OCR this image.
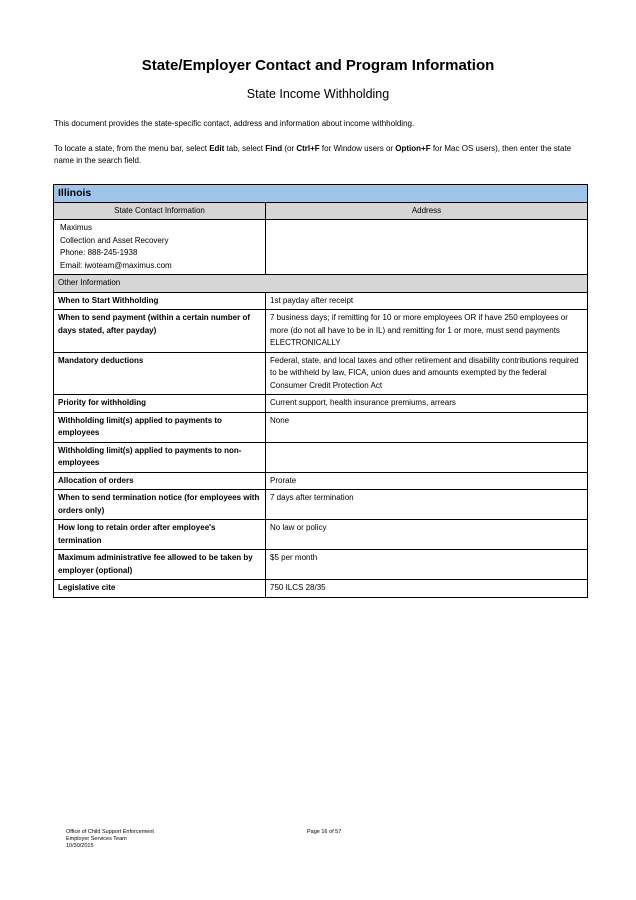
State/Employer Contact and Program Information
State Income Withholding
This document provides the state-specific contact, address and information about income withholding.
To locate a state, from the menu bar, select Edit tab, select Find (or Ctrl+F for Window users or Option+F for Mac OS users), then enter the state name in the search field.
Illinois	
State Contact Information	Address

Maximus
Collection and Asset Recovery
Phone: 888-245-1938
Email: iwoteam@maximus.com	

Other Information	
When to Start Withholding	1st payday after receipt
When to send payment (within a certain number of days stated, after payday)	7 business days; if remitting for 10 or more employees OR if have 250 employees or more (do not all have to be in IL) and remitting for 1 or more, must send payments ELECTRONICALLY
Mandatory deductions	Federal, state, and local taxes and other retirement and disability contributions required to be withheld by law, FICA, union dues and amounts exempted by the federal Consumer Credit Protection Act
Priority for withholding	Current support, health insurance premiums, arrears
Withholding limit(s) applied to payments to employees	None
Withholding limit(s) applied to payments to non-employees	
Allocation of orders	Prorate
When to send termination notice (for employees with orders only)	7 days after termination
How long to retain order after employee's termination	No law or policy
Maximum administrative fee allowed to be taken by employer (optional)	$5 per month
Legislative cite	750 ILCS 28/35
Office of Child Support Enforcement
Employer Services Team
10/30/2015
Page 16 of 57
